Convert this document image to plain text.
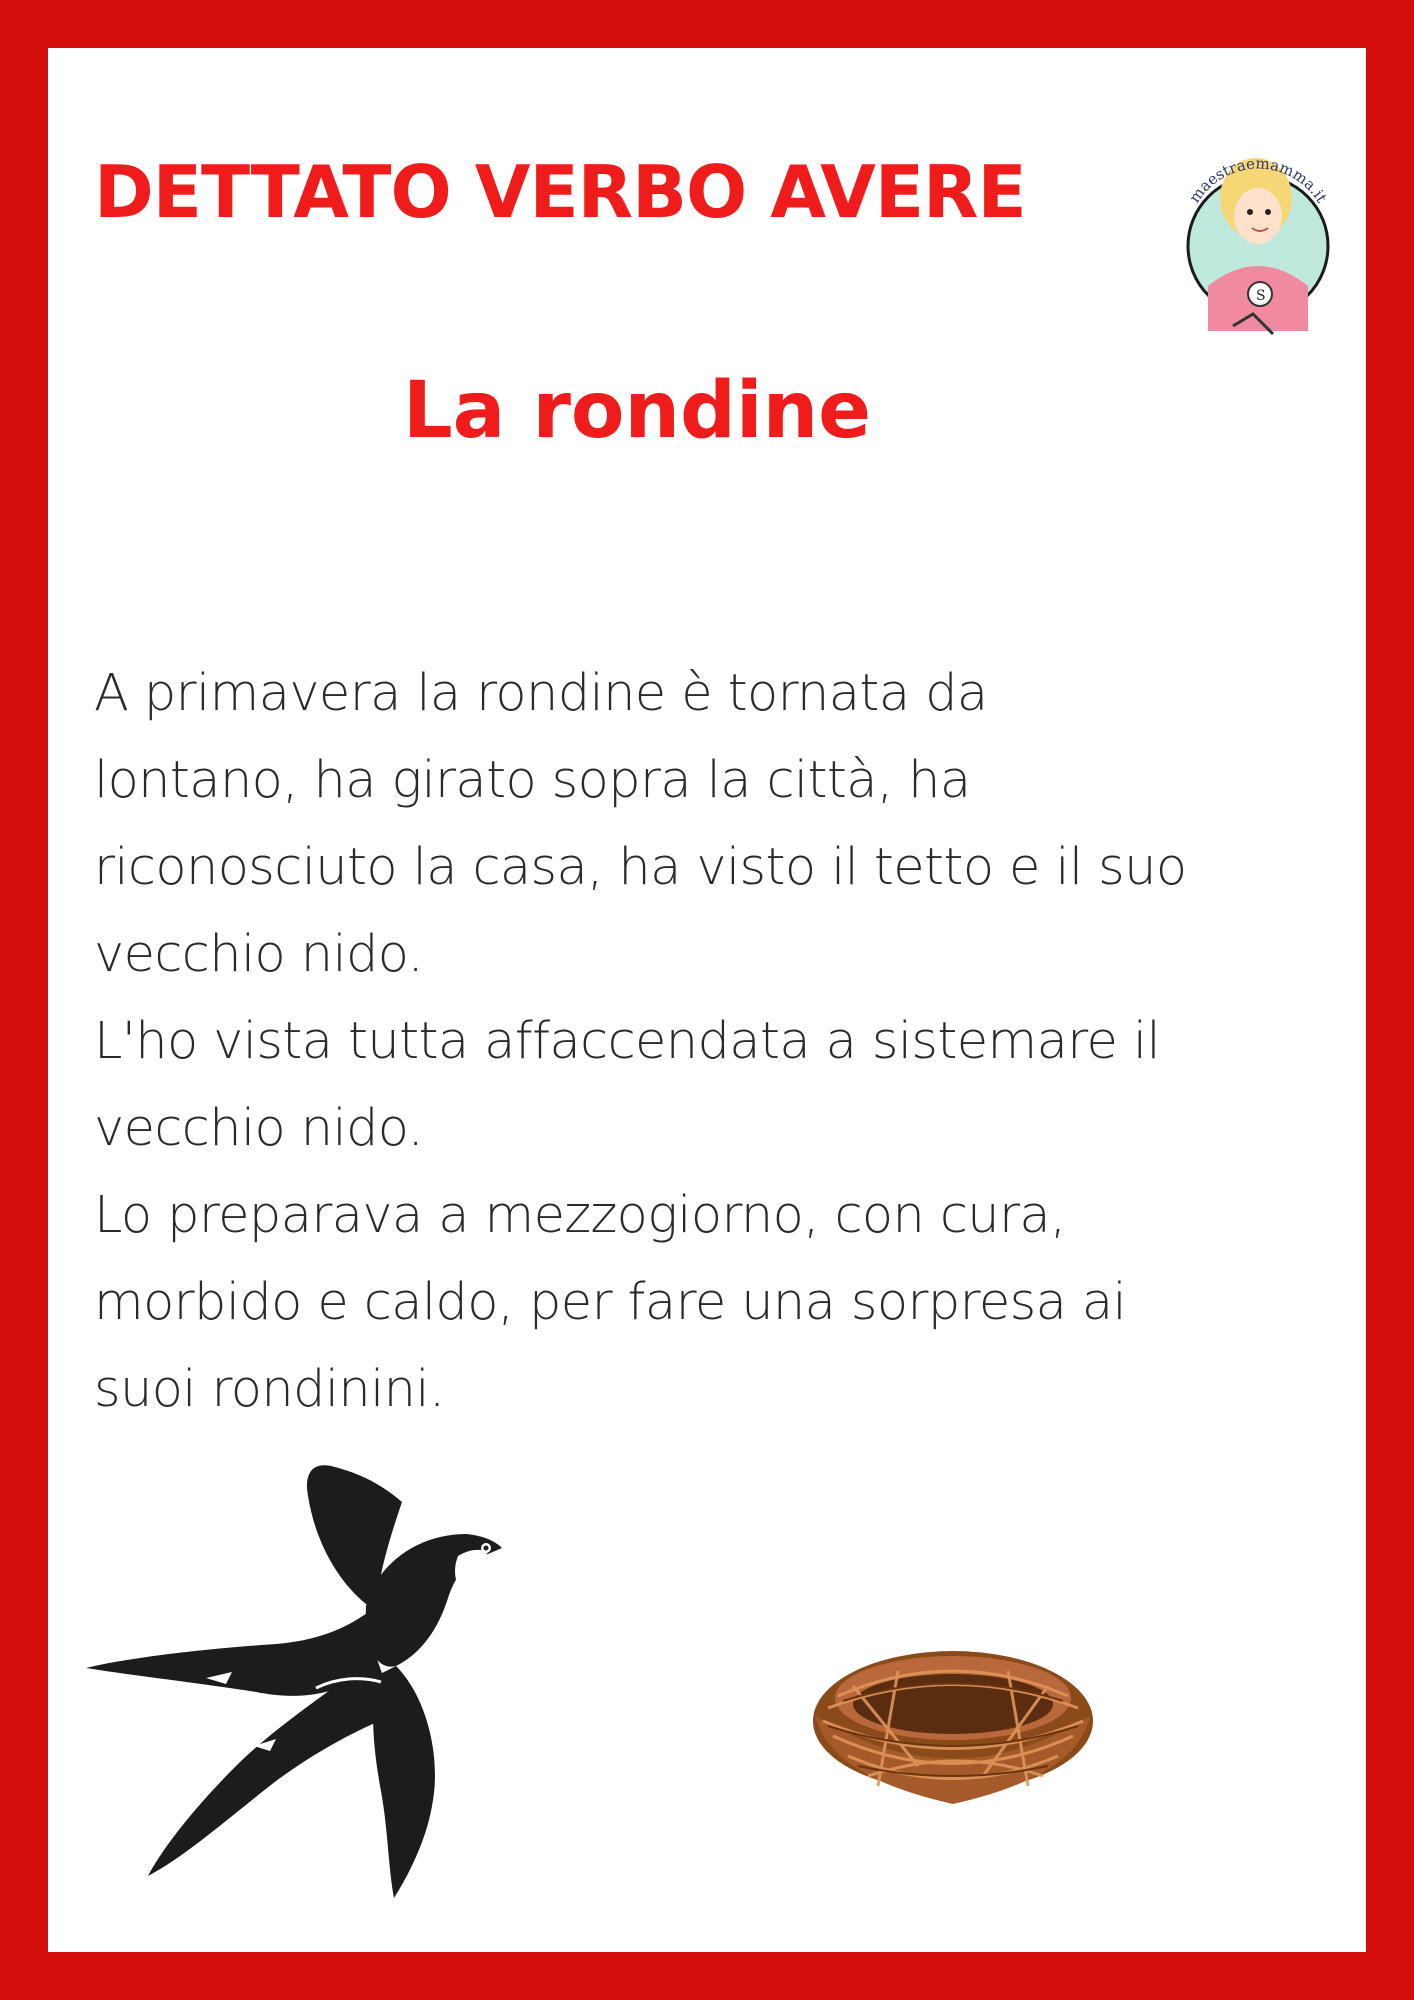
DETTATO VERBO AVERE
S
maestraemamma.it
La rondine

A primavera la rondine è tornata da
lontano, ha girato sopra la città, ha
riconosciuto la casa, ha visto il tetto e il suo
vecchio nido.
L'ho vista tutta affaccendata a sistemare il
vecchio nido.
Lo preparava a mezzogiorno, con cura,
morbido e caldo, per fare una sorpresa ai
suoi rondinini.
